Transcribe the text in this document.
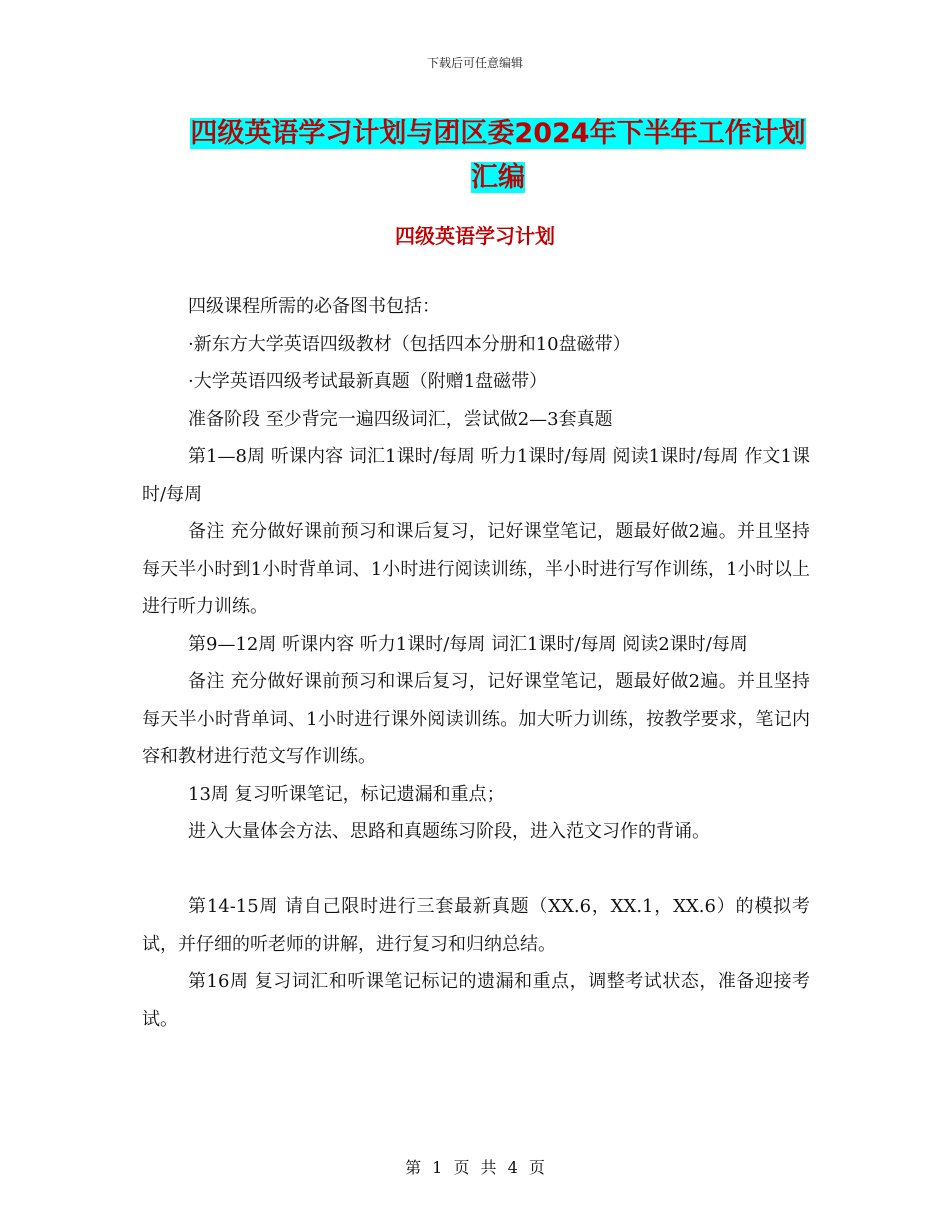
下载后可任意编辑
四级英语学习计划与团区委2024年下半年工作计划汇编
四级英语学习计划

四级课程所需的必备图书包括：

·新东方大学英语四级教材（包括四本分册和10盘磁带）

·大学英语四级考试最新真题（附赠1盘磁带）

准备阶段 至少背完一遍四级词汇，尝试做2—3套真题

第1—8周 听课内容 词汇1课时/每周 听力1课时/每周 阅读1课时/每周 作文1课时/每周

备注 充分做好课前预习和课后复习，记好课堂笔记，题最好做2遍。并且坚持每天半小时到1小时背单词、1小时进行阅读训练，半小时进行写作训练，1小时以上进行听力训练。

第9—12周 听课内容 听力1课时/每周 词汇1课时/每周 阅读2课时/每周

备注 充分做好课前预习和课后复习，记好课堂笔记，题最好做2遍。并且坚持每天半小时背单词、1小时进行课外阅读训练。加大听力训练，按教学要求，笔记内容和教材进行范文写作训练。

13周 复习听课笔记，标记遗漏和重点；

进入大量体会方法、思路和真题练习阶段，进入范文习作的背诵。

第14-15周 请自己限时进行三套最新真题（XX.6，XX.1，XX.6）的模拟考试，并仔细的听老师的讲解，进行复习和归纳总结。

第16周 复习词汇和听课笔记标记的遗漏和重点，调整考试状态，准备迎接考试。

第 1 页 共 4 页
